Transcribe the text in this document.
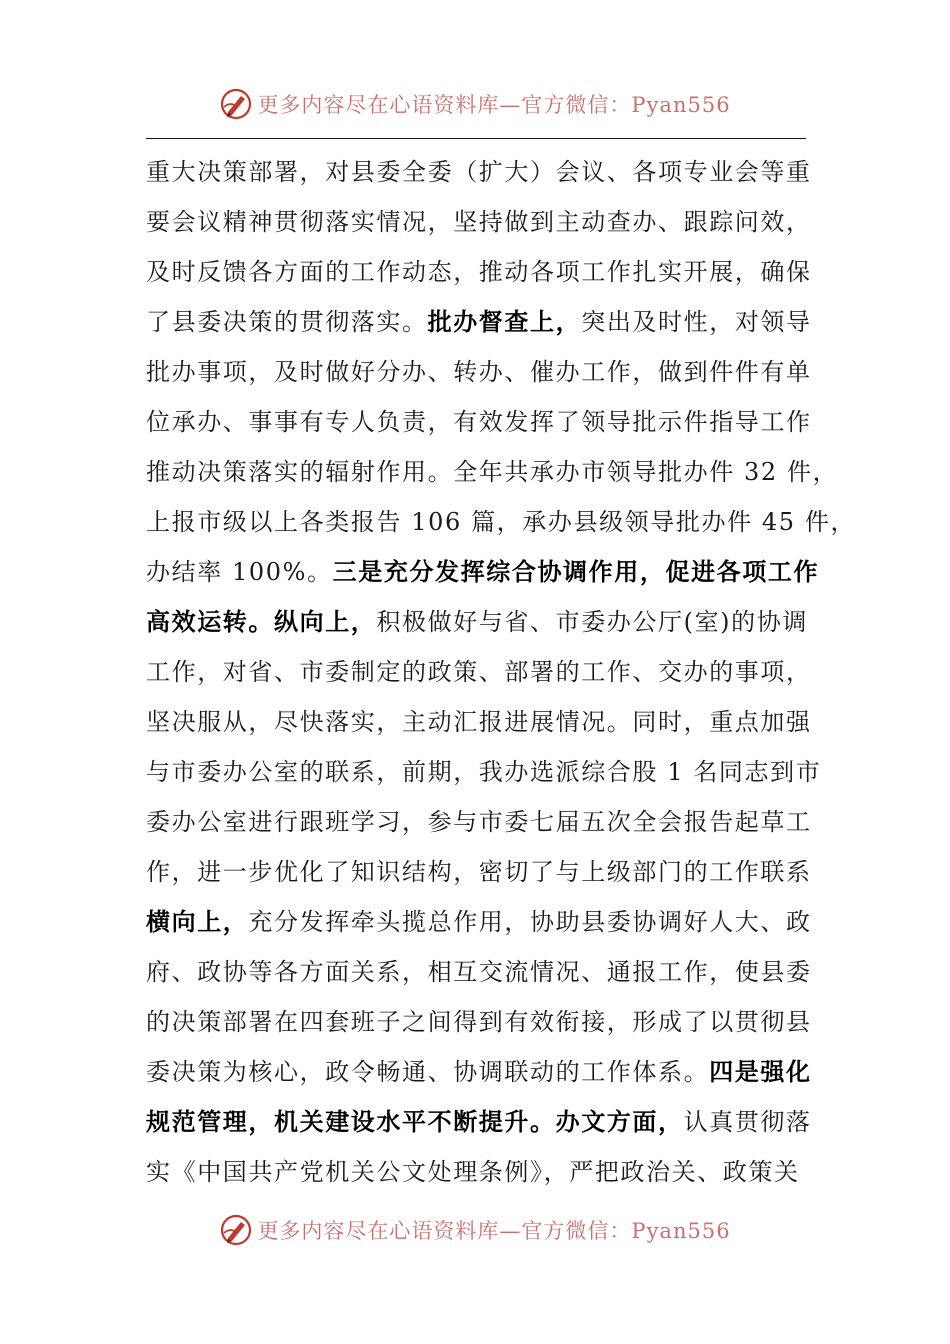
更多内容尽在心语资料库—官方微信：Pyan556
重大决策部署，对县委全委（扩大）会议、各项专业会等重
要会议精神贯彻落实情况，坚持做到主动查办、跟踪问效，
及时反馈各方面的工作动态，推动各项工作扎实开展，确保
了县委决策的贯彻落实。批办督查上，突出及时性，对领导
批办事项，及时做好分办、转办、催办工作，做到件件有单
位承办、事事有专人负责，有效发挥了领导批示件指导工作
推动决策落实的辐射作用。全年共承办市领导批办件 32 件，
上报市级以上各类报告 106 篇，承办县级领导批办件 45 件，
办结率 100%。三是充分发挥综合协调作用，促进各项工作
高效运转。纵向上，积极做好与省、市委办公厅(室)的协调
工作，对省、市委制定的政策、部署的工作、交办的事项，
坚决服从，尽快落实，主动汇报进展情况。同时，重点加强
与市委办公室的联系，前期，我办选派综合股 1 名同志到市
委办公室进行跟班学习，参与市委七届五次全会报告起草工
作，进一步优化了知识结构，密切了与上级部门的工作联系
横向上，充分发挥牵头揽总作用，协助县委协调好人大、政
府、政协等各方面关系，相互交流情况、通报工作，使县委
的决策部署在四套班子之间得到有效衔接，形成了以贯彻县
委决策为核心，政令畅通、协调联动的工作体系。四是强化
规范管理，机关建设水平不断提升。办文方面，认真贯彻落
实《中国共产党机关公文处理条例》，严把政治关、政策关
更多内容尽在心语资料库—官方微信：Pyan556
